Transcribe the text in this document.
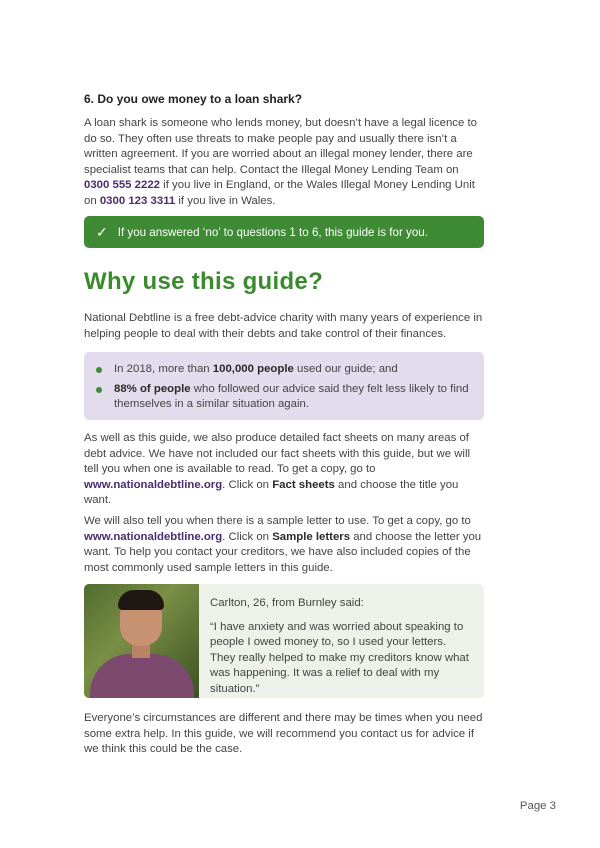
6. Do you owe money to a loan shark?
A loan shark is someone who lends money, but doesn’t have a legal licence to do so. They often use threats to make people pay and usually there isn’t a written agreement. If you are worried about an illegal money lender, there are specialist teams that can help. Contact the Illegal Money Lending Team on 0300 555 2222 if you live in England, or the Wales Illegal Money Lending Unit on 0300 123 3311 if you live in Wales.
✓ If you answered ‘no’ to questions 1 to 6, this guide is for you.
Why use this guide?
National Debtline is a free debt-advice charity with many years of experience in helping people to deal with their debts and take control of their finances.
In 2018, more than 100,000 people used our guide; and
88% of people who followed our advice said they felt less likely to find themselves in a similar situation again.
As well as this guide, we also produce detailed fact sheets on many areas of debt advice. We have not included our fact sheets with this guide, but we will tell you when one is available to read. To get a copy, go to www.nationaldebtline.org. Click on Fact sheets and choose the title you want.
We will also tell you when there is a sample letter to use. To get a copy, go to www.nationaldebtline.org. Click on Sample letters and choose the letter you want. To help you contact your creditors, we have also included copies of the most commonly used sample letters in this guide.
Carlton, 26, from Burnley said:
“I have anxiety and was worried about speaking to people I owed money to, so I used your letters. They really helped to make my creditors know what was happening. It was a relief to deal with my situation.”
Everyone’s circumstances are different and there may be times when you need some extra help. In this guide, we will recommend you contact us for advice if we think this could be the case.
Page 3
